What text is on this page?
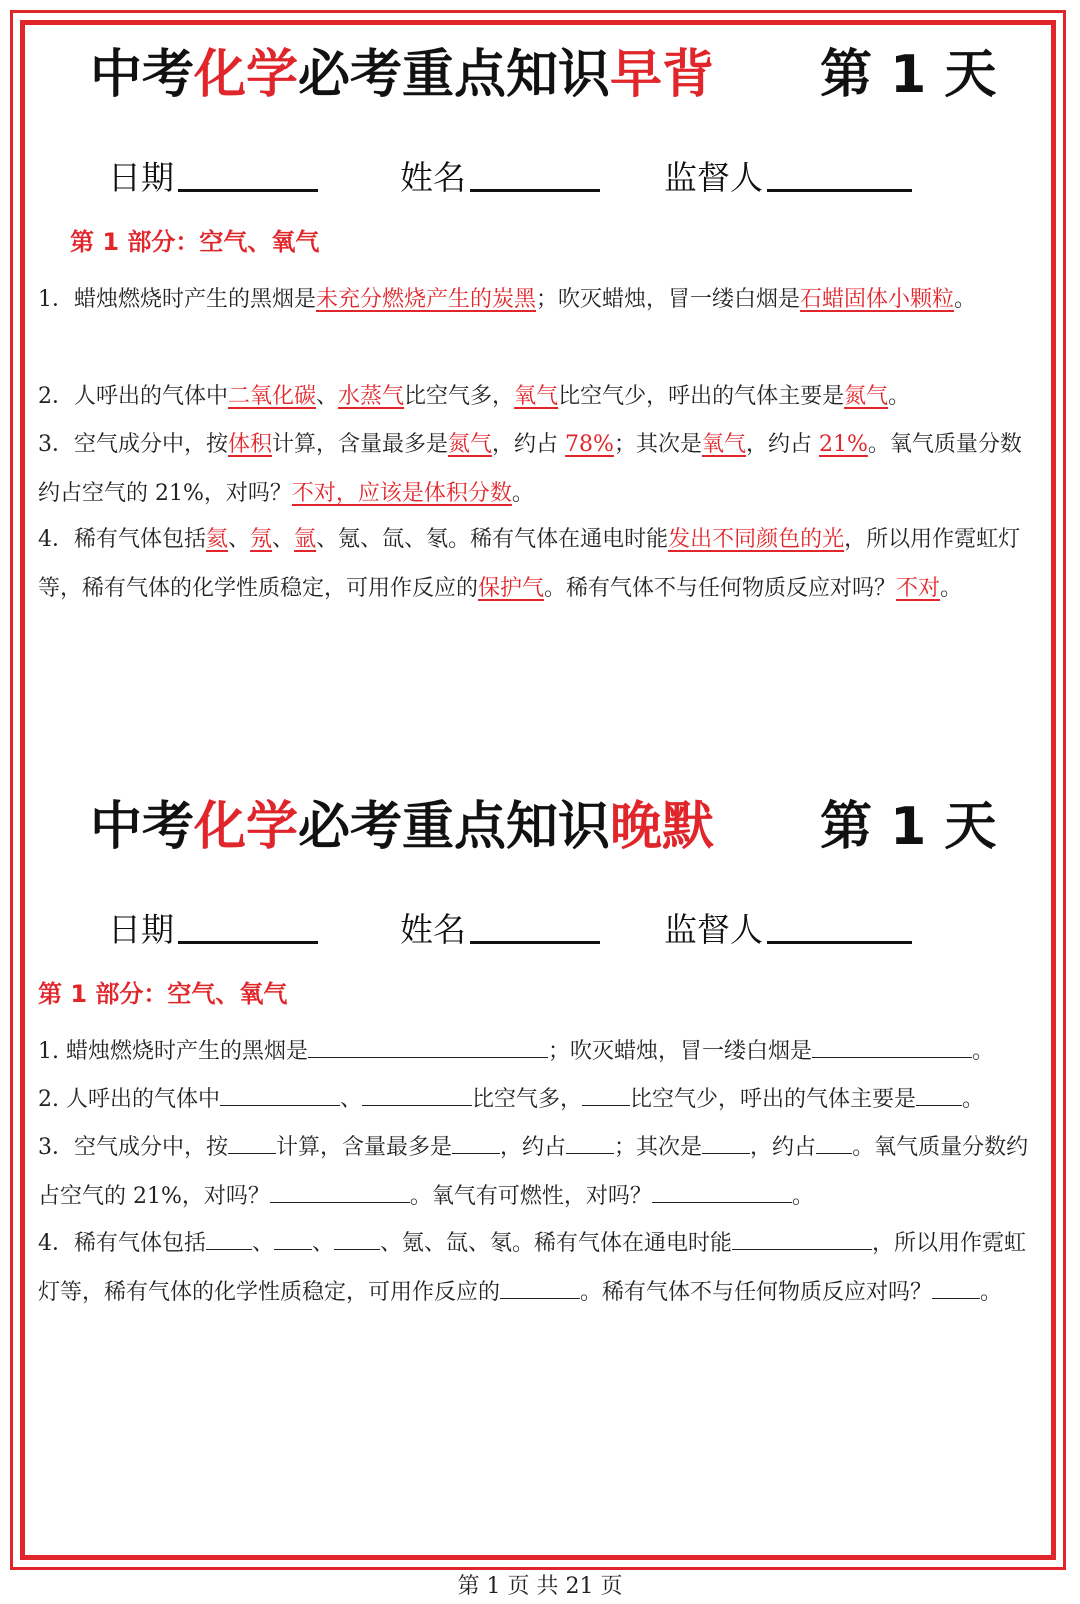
中考化学必考重点知识早背 第 1 天
日期	姓名	监督人
第 1 部分：空气、氧气
1．蜡烛燃烧时产生的黑烟是未充分燃烧产生的炭黑；吹灭蜡烛，冒一缕白烟是石蜡固体小颗粒。
2．人呼出的气体中二氧化碳、水蒸气比空气多，氧气比空气少，呼出的气体主要是氮气。
3．空气成分中，按体积计算，含量最多是氮气，约占 78%；其次是氧气，约占 21%。氧气质量分数约占空气的 21%，对吗？不对，应该是体积分数。
4．稀有气体包括氦、氖、氩、氪、氙、氡。稀有气体在通电时能发出不同颜色的光，所以用作霓虹灯等，稀有气体的化学性质稳定，可用作反应的保护气。稀有气体不与任何物质反应对吗？不对。
中考化学必考重点知识晚默 第 1 天
日期	姓名	监督人
第 1 部分：空气、氧气
1. 蜡烛燃烧时产生的黑烟是	；吹灭蜡烛，冒一缕白烟是	。
2. 人呼出的气体中	、	比空气多， 比空气少，呼出的气体主要是 。
3．空气成分中，按 计算，含量最多是 ，约占 ；其次是 ，约占 。氧气质量分数约占空气的 21%，对吗？	。氧气有可燃性，对吗？	。
4．稀有气体包括 、 、 、氪、氙、氡。稀有气体在通电时能	，所以用作霓虹灯等，稀有气体的化学性质稳定，可用作反应的	。稀有气体不与任何物质反应对吗？ 。
第 1 页 共 21 页
